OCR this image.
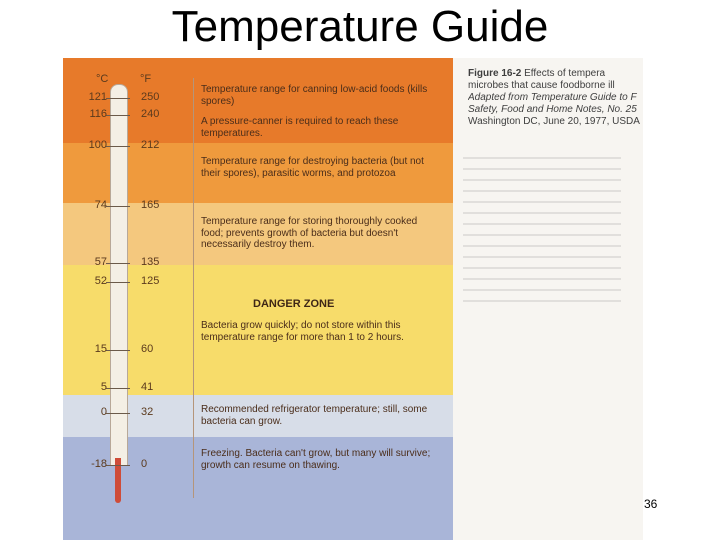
Temperature Guide
°C	°F
121	250
116	240
100	212
74	165
57	135
52	125
15	60
5	41
0	32
-18	0

Temperature range for canning low-acid foods (kills spores)

A pressure-canner is required to reach these temperatures.

Temperature range for destroying bacteria (but not their spores), parasitic worms, and protozoa

Temperature range for storing thoroughly cooked food; prevents growth of bacteria but doesn't necessarily destroy them.

DANGER ZONE

Bacteria grow quickly; do not store within this temperature range for more than 1 to 2 hours.

Recommended refrigerator temperature; still, some bacteria can grow.

Freezing. Bacteria can't grow, but many will survive; growth can resume on thawing.

Figure 16-2 Effects of tempera
microbes that cause foodborne ill
Adapted from Temperature Guide to F
Safety, Food and Home Notes, No. 25
Washington DC, June 20, 1977, USDA
36
